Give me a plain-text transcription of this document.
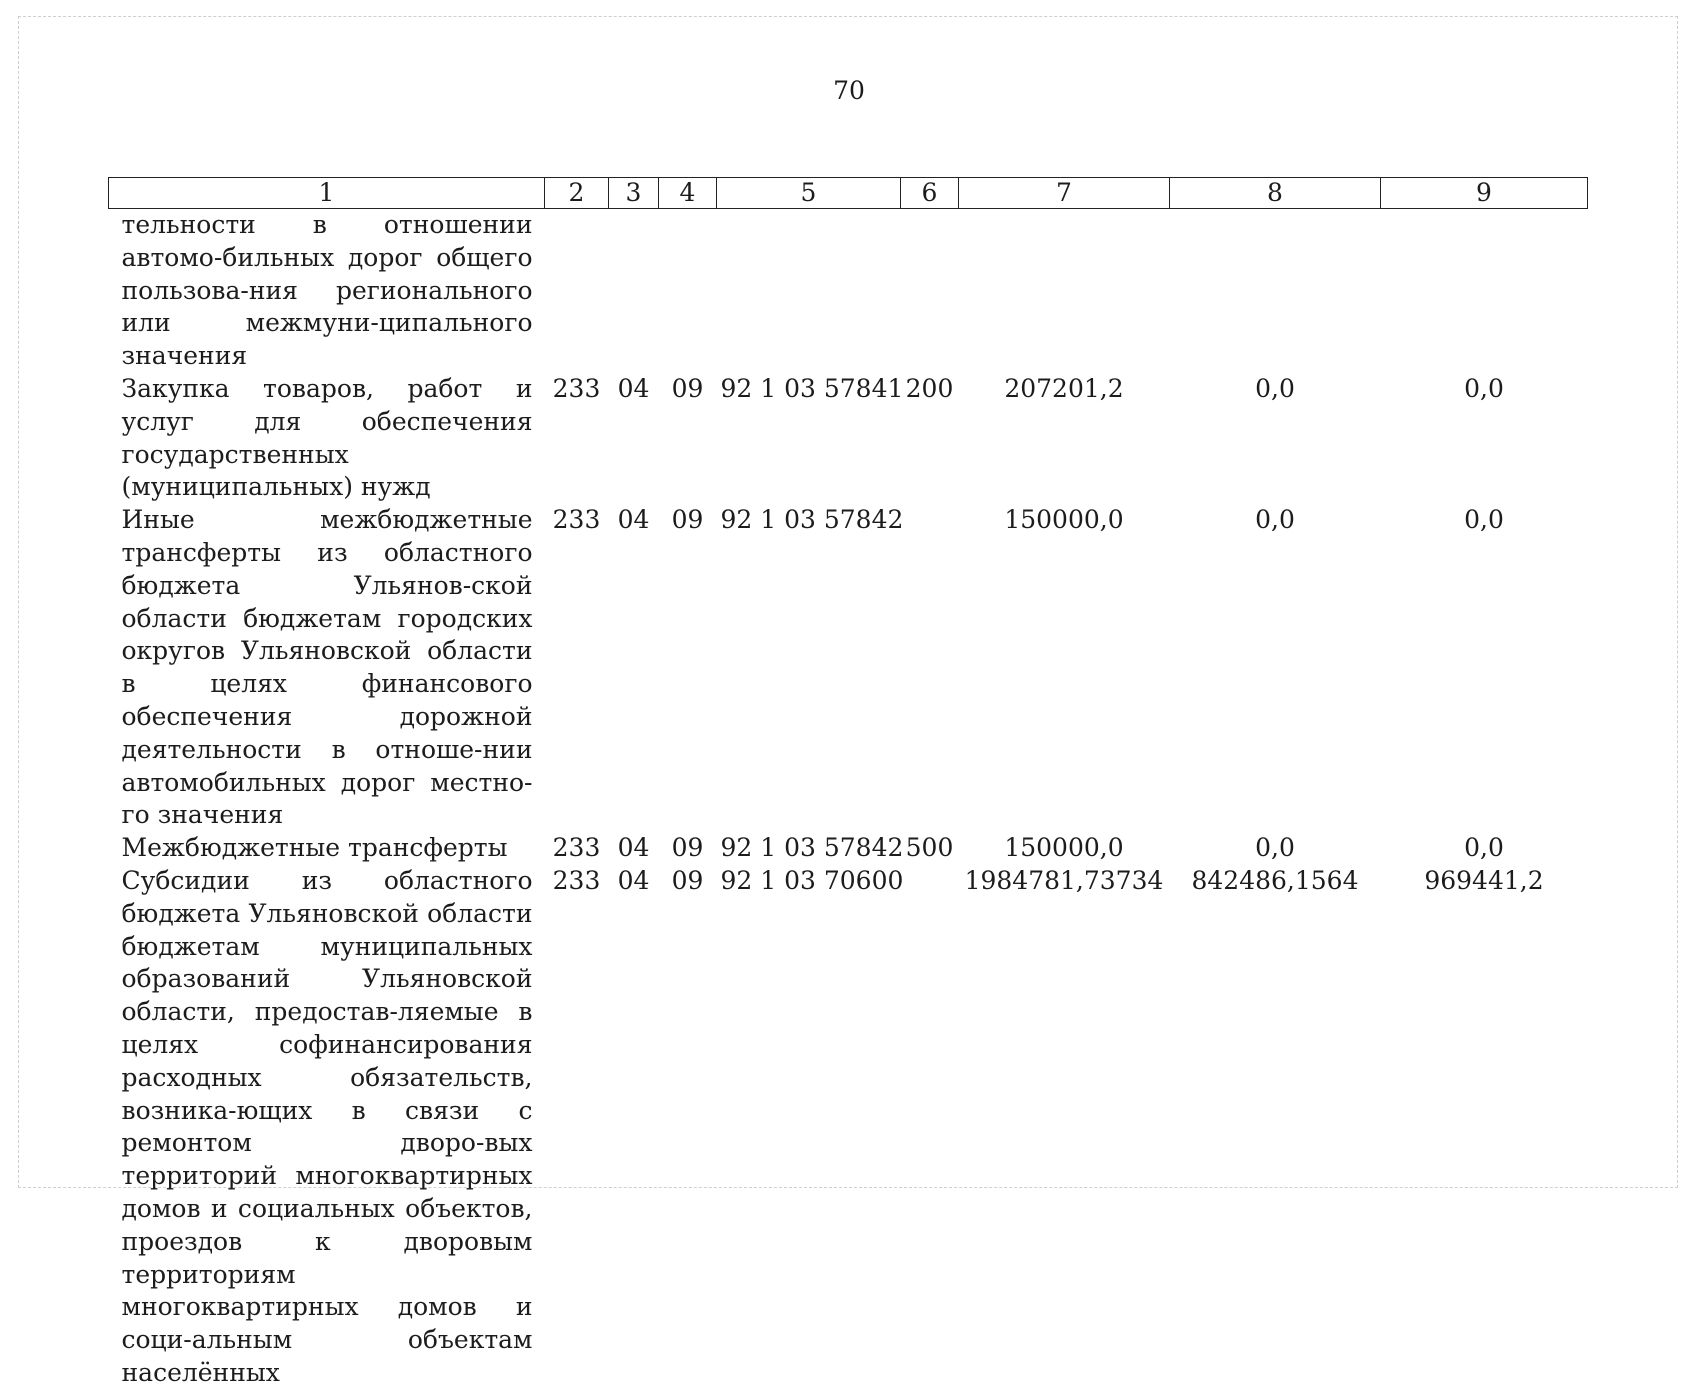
70
1	2	3	4	5	6	7	8	9
тельности в отношении автомо-бильных дорог общего пользова-ния регионального или межмуни-ципального значения								
Закупка товаров, работ и услуг для обеспечения государственных (муниципальных) нужд	233	04	09	92 1 03 57841	200	207201,2	0,0	0,0
Иные межбюджетные трансферты из областного бюджета Ульянов-ской области бюджетам городских округов Ульяновской области в целях финансового обеспечения дорожной деятельности в отноше-нии автомобильных дорог местно-го значения	233	04	09	92 1 03 57842		150000,0	0,0	0,0
Межбюджетные трансферты	233	04	09	92 1 03 57842	500	150000,0	0,0	0,0

Субсидии из областного бюджета Ульяновской области бюджетам муниципальных образований Ульяновской области, предостав-ляемые в целях софинансирования расходных обязательств, возника-ющих в связи с ремонтом дворо-вых территорий многоквартирных домов и социальных объектов, проездов к дворовым территориям многоквартирных домов и соци-альным объектам населённых	233	04	09	92 1 03 70600		1984781,73734	842486,1564	969441,2
